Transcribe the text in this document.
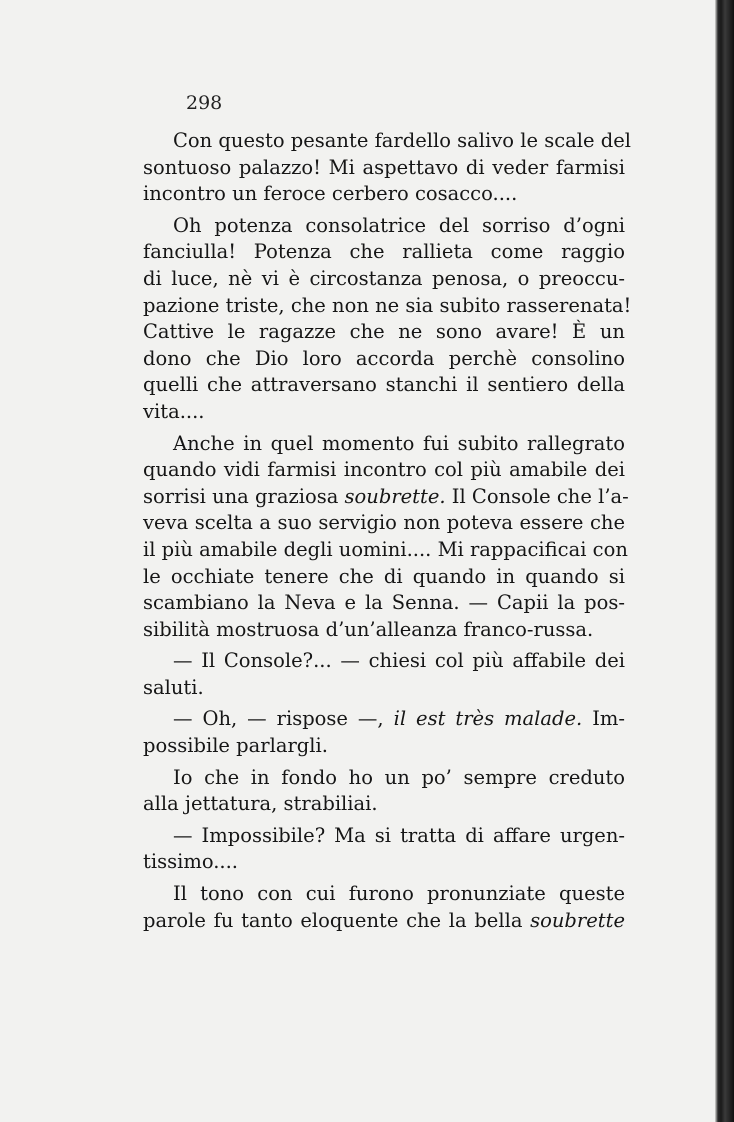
298
Con questo pesante fardello salivo le scale del
sontuoso palazzo! Mi aspettavo di veder farmisi
incontro un feroce cerbero cosacco....
Oh potenza consolatrice del sorriso d’ogni
fanciulla! Potenza che rallieta come raggio
di luce, nè vi è circostanza penosa, o preoccu-
pazione triste, che non ne sia subito rasserenata!
Cattive le ragazze che ne sono avare! È un
dono che Dio loro accorda perchè consolino
quelli che attraversano stanchi il sentiero della
vita....
Anche in quel momento fui subito rallegrato
quando vidi farmisi incontro col più amabile dei
sorrisi una graziosa soubrette. Il Console che l’a-
veva scelta a suo servigio non poteva essere che
il più amabile degli uomini.... Mi rappacificai con
le occhiate tenere che di quando in quando si
scambiano la Neva e la Senna. — Capii la pos-
sibilità mostruosa d’un’alleanza franco-russa.
— Il Console?... — chiesi col più affabile dei
saluti.
— Oh, — rispose —, il est très malade. Im-
possibile parlargli.
Io che in fondo ho un po’ sempre creduto
alla jettatura, strabiliai.
— Impossibile? Ma si tratta di affare urgen-
tissimo....
Il tono con cui furono pronunziate queste
parole fu tanto eloquente che la bella soubrette
